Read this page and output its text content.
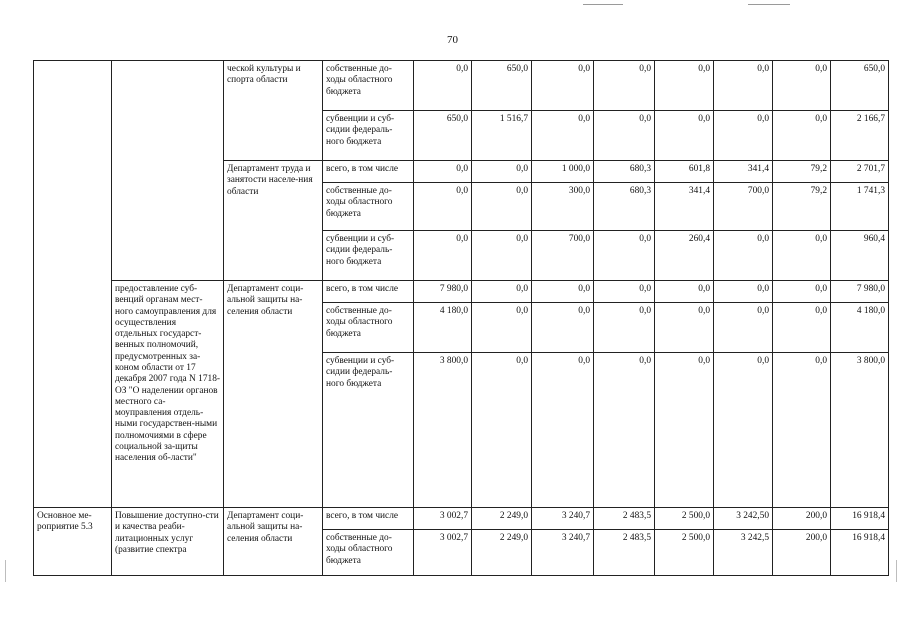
70
		ческой культуры и спорта области	собственные до-ходы областного бюджета	0,0	650,0	0,0	0,0	0,0	0,0	0,0	650,0
			субвенции и суб-сидии федераль-ного бюджета	650,0	1 516,7	0,0	0,0	0,0	0,0	0,0	2 166,7
		Департамент труда и занятости населе-ния области	всего, в том числе	0,0	0,0	1 000,0	680,3	601,8	341,4	79,2	2 701,7
			собственные до-ходы областного бюджета	0,0	0,0	300,0	680,3	341,4	700,0	79,2	1 741,3
			субвенции и суб-сидии федераль-ного бюджета	0,0	0,0	700,0	0,0	260,4	0,0	0,0	960,4
	предоставление суб-венций органам мест-ного самоуправления для осуществления отдельных государст-венных полномочий, предусмотренных за-коном области от 17 декабря 2007 года N 1718-ОЗ "О наделении органов местного са-моуправления отдель-ными государствен-ными полномочиями в сфере социальной за-щиты населения об-ласти"	Департамент соци-альной защиты на-селения области	всего, в том числе	7 980,0	0,0	0,0	0,0	0,0	0,0	0,0	7 980,0
			собственные до-ходы областного бюджета	4 180,0	0,0	0,0	0,0	0,0	0,0	0,0	4 180,0
			субвенции и суб-сидии федераль-ного бюджета	3 800,0	0,0	0,0	0,0	0,0	0,0	0,0	3 800,0
Основное ме-роприятие 5.3	Повышение доступно-сти и качества реаби-литационных услуг (развитие спектра	Департамент соци-альной защиты на-селения области	всего, в том числе	3 002,7	2 249,0	3 240,7	2 483,5	2 500,0	3 242,50	200,0	16 918,4
			собственные до-ходы областного бюджета	3 002,7	2 249,0	3 240,7	2 483,5	2 500,0	3 242,5	200,0	16 918,4
